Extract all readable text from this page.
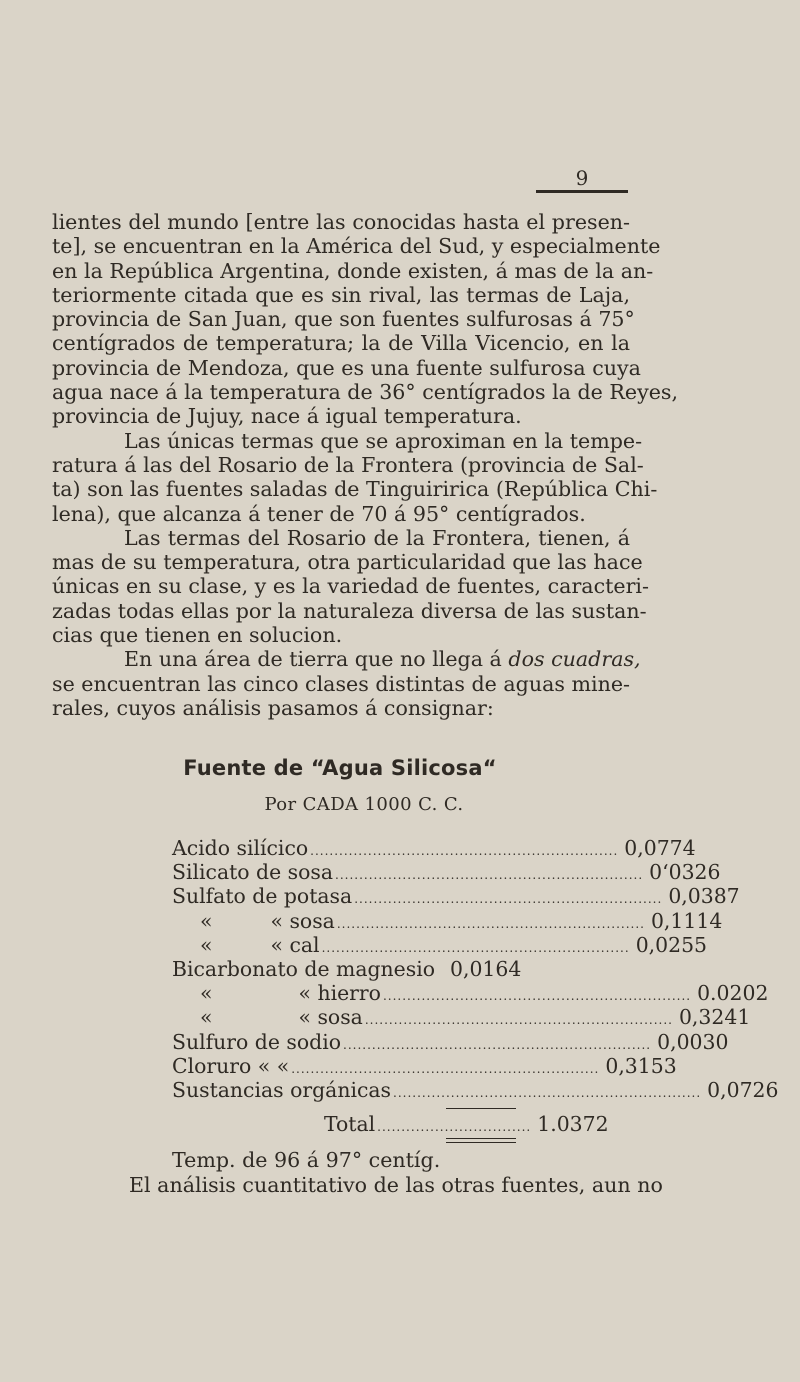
9
lientes del mundo [entre las conocidas hasta el presen-
te], se encuentran en la América del Sud, y especialmente
en la República Argentina, donde existen, á mas de la an-
teriormente citada que es sin rival, las termas de Laja,
provincia de San Juan, que son fuentes sulfurosas á 75°
centígrados de temperatura; la de Villa Vicencio, en la
provincia de Mendoza, que es una fuente sulfurosa cuya
agua nace á la temperatura de 36° centígrados la de Reyes,
provincia de Jujuy, nace á igual temperatura.
Las únicas termas que se aproximan en la tempe-
ratura á las del Rosario de la Frontera (provincia de Sal-
ta) son las fuentes saladas de Tinguiririca (República Chi-
lena), que alcanza á tener de 70 á 95° centígrados.
Las termas del Rosario de la Frontera, tienen, á
mas de su temperatura, otra particularidad que las hace
únicas en su clase, y es la variedad de fuentes, caracteri-
zadas todas ellas por la naturaleza diversa de las sustan-
cias que tienen en solucion.
En una área de tierra que no llega á dos cuadras,
se encuentran las cinco clases distintas de aguas mine-
rales, cuyos análisis pasamos á consignar:
Fuente de “Agua Silicosa“
Por CADA 1000 C. C.
Acido silícico ................................................................ 0,0774
Silicato de sosa ................................................................ 0‘0326
Sulfato de potasa ................................................................ 0,0387
«	« sosa ................................................................ 0,1114
«	« cal ................................................................ 0,0255
Bicarbonato de magnesio 0,0164
«	« hierro ................................................................ 0.0202
«	« sosa ................................................................ 0,3241
Sulfuro de sodio ................................................................ 0,0030
Cloruro « « ................................................................ 0,3153
Sustancias orgánicas ................................................................ 0,0726
Total ................................ 1.0372
Temp. de 96 á 97° centíg.
El análisis cuantitativo de las otras fuentes, aun no
